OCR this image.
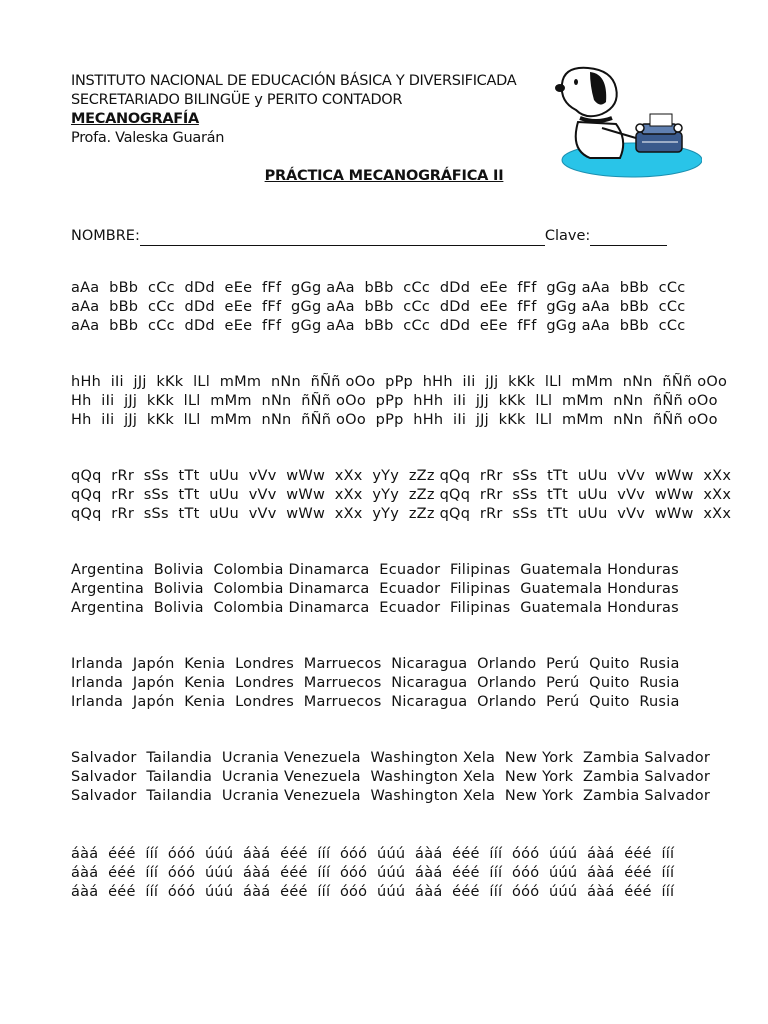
INSTITUTO NACIONAL DE EDUCACIÓN BÁSICA Y DIVERSIFICADA
SECRETARIADO BILINGÜE y PERITO CONTADOR
MECANOGRAFÍA
Profa. Valeska Guarán
PRÁCTICA MECANOGRÁFICA II
NOMBRE:	Clave:
aAa  bBb  cCc  dDd  eEe  fFf  gGg aAa  bBb  cCc  dDd  eEe  fFf  gGg aAa  bBb  cCc
aAa  bBb  cCc  dDd  eEe  fFf  gGg aAa  bBb  cCc  dDd  eEe  fFf  gGg aAa  bBb  cCc
aAa  bBb  cCc  dDd  eEe  fFf  gGg aAa  bBb  cCc  dDd  eEe  fFf  gGg aAa  bBb  cCc
hHh  iIi  jJj  kKk  lLl  mMm  nNn  ñÑñ oOo  pPp  hHh  iIi  jJj  kKk  lLl  mMm  nNn  ñÑñ oOo
Hh  iIi  jJj  kKk  lLl  mMm  nNn  ñÑñ oOo  pPp  hHh  iIi  jJj  kKk  lLl  mMm  nNn  ñÑñ oOo
Hh  iIi  jJj  kKk  lLl  mMm  nNn  ñÑñ oOo  pPp  hHh  iIi  jJj  kKk  lLl  mMm  nNn  ñÑñ oOo
qQq  rRr  sSs  tTt  uUu  vVv  wWw  xXx  yYy  zZz qQq  rRr  sSs  tTt  uUu  vVv  wWw  xXx
qQq  rRr  sSs  tTt  uUu  vVv  wWw  xXx  yYy  zZz qQq  rRr  sSs  tTt  uUu  vVv  wWw  xXx
qQq  rRr  sSs  tTt  uUu  vVv  wWw  xXx  yYy  zZz qQq  rRr  sSs  tTt  uUu  vVv  wWw  xXx
Argentina  Bolivia  Colombia Dinamarca  Ecuador  Filipinas  Guatemala Honduras
Argentina  Bolivia  Colombia Dinamarca  Ecuador  Filipinas  Guatemala Honduras
Argentina  Bolivia  Colombia Dinamarca  Ecuador  Filipinas  Guatemala Honduras
Irlanda  Japón  Kenia  Londres  Marruecos  Nicaragua  Orlando  Perú  Quito  Rusia
Irlanda  Japón  Kenia  Londres  Marruecos  Nicaragua  Orlando  Perú  Quito  Rusia
Irlanda  Japón  Kenia  Londres  Marruecos  Nicaragua  Orlando  Perú  Quito  Rusia
Salvador  Tailandia  Ucrania Venezuela  Washington Xela  New York  Zambia Salvador
Salvador  Tailandia  Ucrania Venezuela  Washington Xela  New York  Zambia Salvador
Salvador  Tailandia  Ucrania Venezuela  Washington Xela  New York  Zambia Salvador
áàá  ééé  ííí  óóó  úúú  áàá  ééé  ííí  óóó  úúú  áàá  ééé  ííí  óóó  úúú  áàá  ééé  ííí
áàá  ééé  ííí  óóó  úúú  áàá  ééé  ííí  óóó  úúú  áàá  ééé  ííí  óóó  úúú  áàá  ééé  ííí
áàá  ééé  ííí  óóó  úúú  áàá  ééé  ííí  óóó  úúú  áàá  ééé  ííí  óóó  úúú  áàá  ééé  ííí
